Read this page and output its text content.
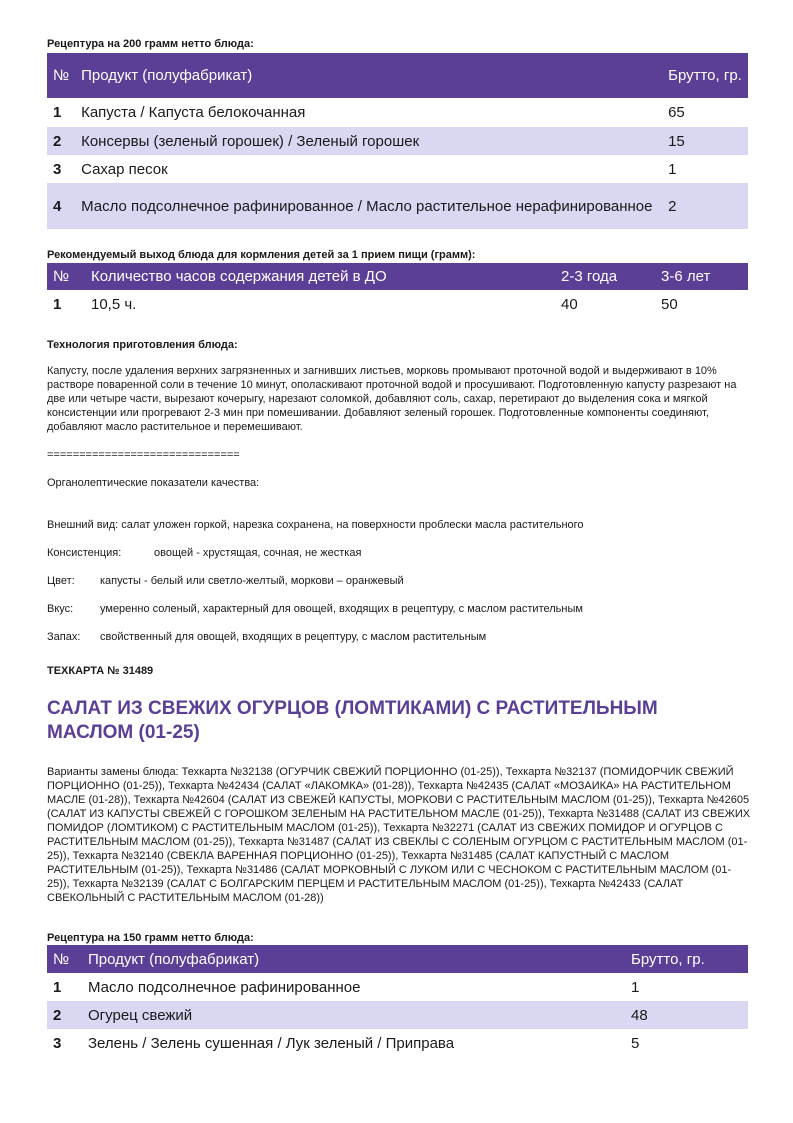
Рецептура на 200 грамм нетто блюда:
№	Продукт (полуфабрикат)	Брутто, гр.
1	Капуста / Капуста белокочанная	65
2	Консервы (зеленый горошек) / Зеленый горошек	15
3	Сахар песок	1
4	Масло подсолнечное рафинированное / Масло растительное нерафинированное	2
Рекомендуемый выход блюда для кормления детей за 1 прием пищи (грамм):
№	Количество часов содержания детей в ДО	2-3 года	3-6 лет
1	10,5 ч.	40	50
Технология приготовления блюда:
Капусту, после удаления верхних загрязненных и загнивших листьев, морковь промывают проточной водой и выдерживают в 10% растворе поваренной соли в течение 10 минут, ополаскивают проточной водой и просушивают. Подготовленную капусту разрезают на две или четыре части, вырезают кочерыгу, нарезают соломкой, добавляют соль, сахар, перетирают до выделения сока и мягкой консистенции или прогревают 2-3 мин при помешивании. Добавляют зеленый горошек. Подготовленные компоненты соединяют, добавляют масло растительное и перемешивают.
==============================
Органолептические показатели качества:
Внешний вид: салат уложен горкой, нарезка сохранена, на поверхности проблески масла растительного
Консистенция:	овощей - хрустящая, сочная, не жесткая
Цвет: капусты - белый или светло-желтый, моркови – оранжевый
Вкус: умеренно соленый, характерный для овощей, входящих в рецептуру, с маслом растительным
Запах: свойственный для овощей, входящих в рецептуру, с маслом растительным
ТЕХКАРТА № 31489
САЛАТ ИЗ СВЕЖИХ ОГУРЦОВ (ЛОМТИКАМИ) С РАСТИТЕЛЬНЫМ МАСЛОМ (01-25)
Варианты замены блюда: Техкарта №32138 (ОГУРЧИК СВЕЖИЙ ПОРЦИОННО (01-25)), Техкарта №32137 (ПОМИДОРЧИК СВЕЖИЙ ПОРЦИОННО (01-25)), Техкарта №42434 (САЛАТ «ЛАКОМКА» (01-28)), Техкарта №42435 (САЛАТ «МОЗАИКА» НА РАСТИТЕЛЬНОМ МАСЛЕ (01-28)), Техкарта №42604 (САЛАТ ИЗ СВЕЖЕЙ КАПУСТЫ, МОРКОВИ С РАСТИТЕЛЬНЫМ МАСЛОМ (01-25)), Техкарта №42605 (САЛАТ ИЗ КАПУСТЫ СВЕЖЕЙ С ГОРОШКОМ ЗЕЛЕНЫМ НА РАСТИТЕЛЬНОМ МАСЛЕ (01-25)), Техкарта №31488 (САЛАТ ИЗ СВЕЖИХ ПОМИДОР (ЛОМТИКОМ) С РАСТИТЕЛЬНЫМ МАСЛОМ (01-25)), Техкарта №32271 (САЛАТ ИЗ СВЕЖИХ ПОМИДОР И ОГУРЦОВ С РАСТИТЕЛЬНЫМ МАСЛОМ (01-25)), Техкарта №31487 (САЛАТ ИЗ СВЕКЛЫ С СОЛЕНЫМ ОГУРЦОМ С РАСТИТЕЛЬНЫМ МАСЛОМ (01-25)), Техкарта №32140 (СВЕКЛА ВАРЕННАЯ ПОРЦИОННО (01-25)), Техкарта №31485 (САЛАТ КАПУСТНЫЙ С МАСЛОМ РАСТИТЕЛЬНЫМ (01-25)), Техкарта №31486 (САЛАТ МОРКОВНЫЙ С ЛУКОМ ИЛИ С ЧЕСНОКОМ С РАСТИТЕЛЬНЫМ МАСЛОМ (01-25)), Техкарта №32139 (САЛАТ С БОЛГАРСКИМ ПЕРЦЕМ И РАСТИТЕЛЬНЫМ МАСЛОМ (01-25)), Техкарта №42433 (САЛАТ СВЕКОЛЬНЫЙ С РАСТИТЕЛЬНЫМ МАСЛОМ (01-28))
Рецептура на 150 грамм нетто блюда:
№	Продукт (полуфабрикат)	Брутто, гр.
1	Масло подсолнечное рафинированное	1
2	Огурец свежий	48
3	Зелень / Зелень сушенная / Лук зеленый / Приправа	5
